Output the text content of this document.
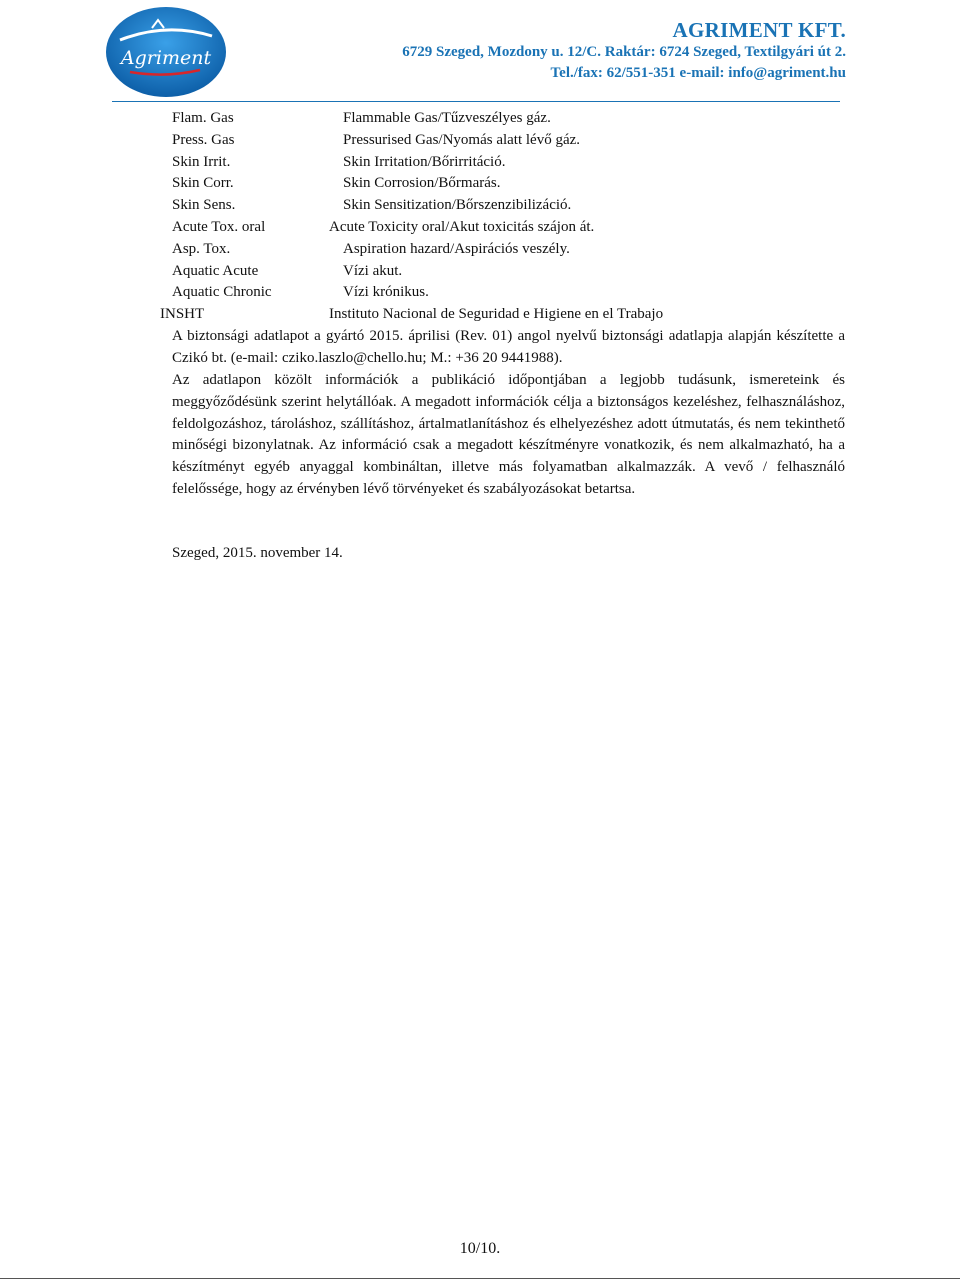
Agriment
AGRIMENT KFT.
6729 Szeged, Mozdony u. 12/C. Raktár: 6724 Szeged, Textilgyári út 2.
Tel./fax: 62/551-351 e-mail: info@agriment.hu
Flam. Gas	Flammable Gas/Tűzveszélyes gáz.
Press. Gas	Pressurised Gas/Nyomás alatt lévő gáz.
Skin Irrit.	Skin Irritation/Bőrirritáció.
Skin Corr.	Skin Corrosion/Bőrmarás.
Skin Sens.	Skin Sensitization/Bőrszenzibilizáció.
Acute Tox. oral	Acute Toxicity oral/Akut toxicitás szájon át.
Asp. Tox.	Aspiration hazard/Aspirációs veszély.
Aquatic Acute	Vízi akut.
Aquatic Chronic	Vízi krónikus.
INSHT	Instituto Nacional de Seguridad e Higiene en el Trabajo
A biztonsági adatlapot a gyártó 2015. áprilisi (Rev. 01) angol nyelvű biztonsági adatlapja alapján készítette a Czikó bt. (e-mail: cziko.laszlo@chello.hu; M.: +36 20 9441988).
Az adatlapon közölt információk a publikáció időpontjában a legjobb tudásunk, ismereteink és meggyőződésünk szerint helytállóak. A megadott információk célja a biztonságos kezeléshez, felhasználáshoz, feldolgozáshoz, tároláshoz, szállításhoz, ártalmatlanításhoz és elhelyezéshez adott útmutatás, és nem tekinthető minőségi bizonylatnak. Az információ csak a megadott készítményre vonatkozik, és nem alkalmazható, ha a készítményt egyéb anyaggal kombináltan, illetve más folyamatban alkalmazzák. A vevő / felhasználó felelőssége, hogy az érvényben lévő törvényeket és szabályozásokat betartsa.
Szeged, 2015. november 14.
10/10.
